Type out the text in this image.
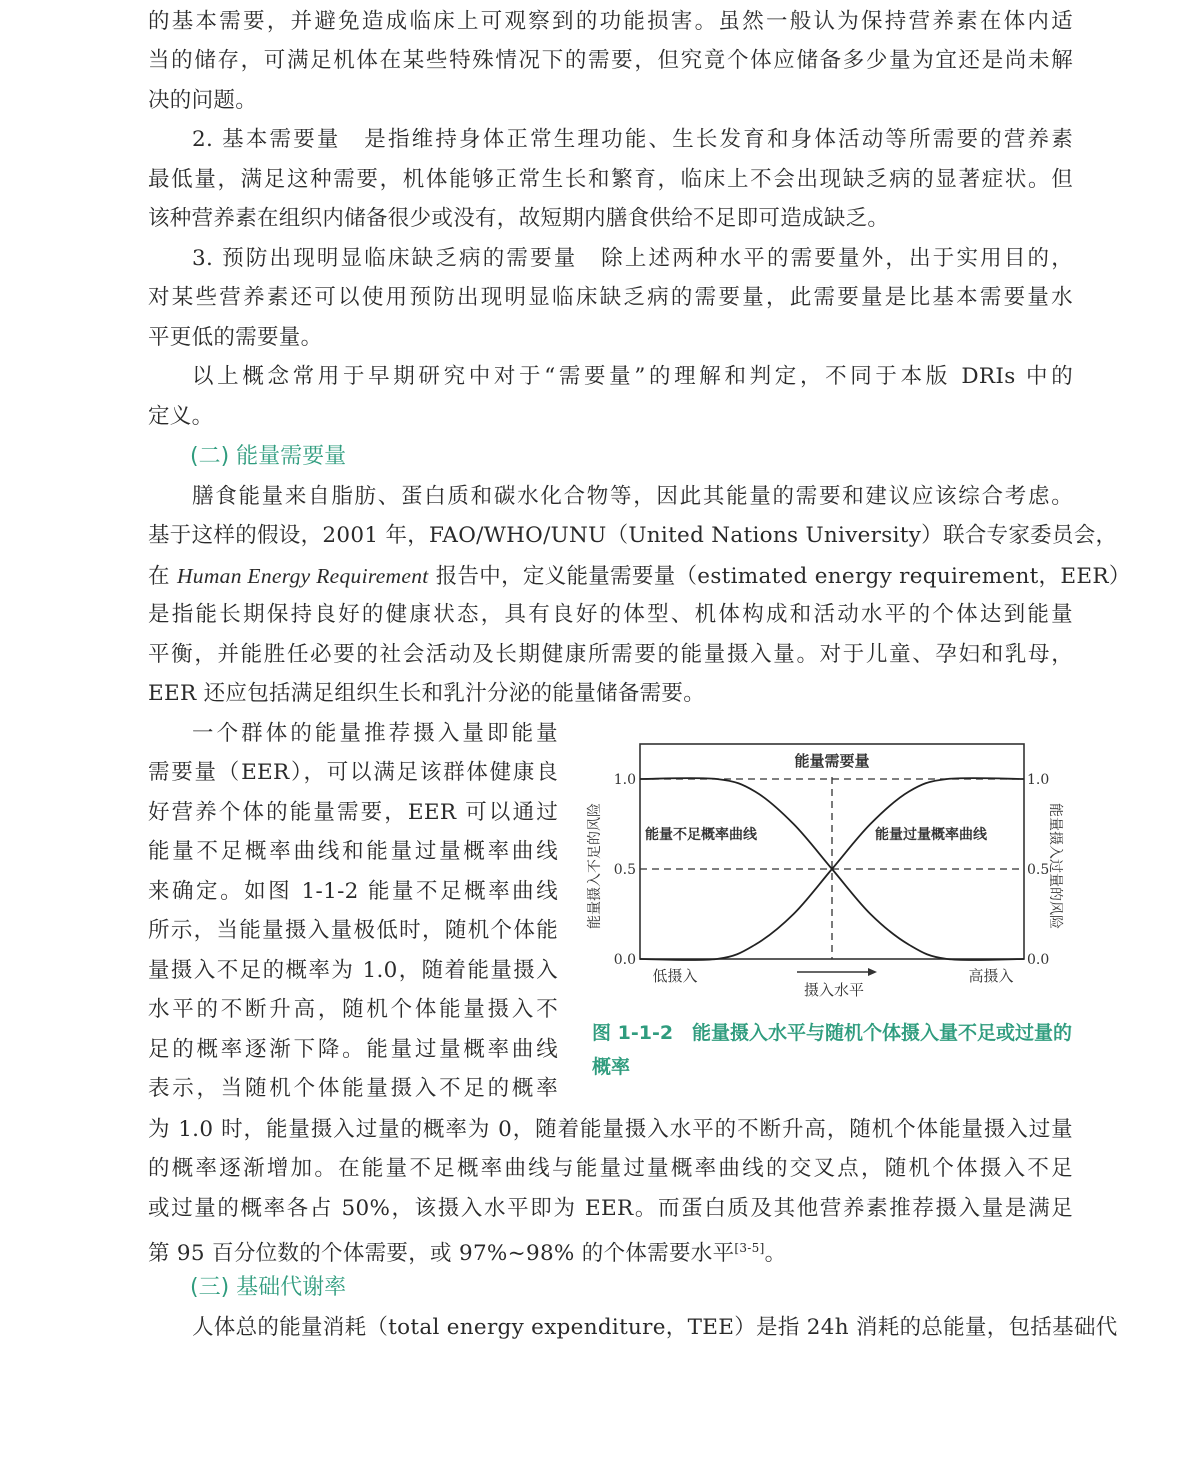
的基本需要，并避免造成临床上可观察到的功能损害。虽然一般认为保持营养素在体内适
当的储存，可满足机体在某些特殊情况下的需要，但究竟个体应储备多少量为宜还是尚未解
决的问题。
2. 基本需要量　是指维持身体正常生理功能、生长发育和身体活动等所需要的营养素
最低量，满足这种需要，机体能够正常生长和繁育，临床上不会出现缺乏病的显著症状。但
该种营养素在组织内储备很少或没有，故短期内膳食供给不足即可造成缺乏。
3. 预防出现明显临床缺乏病的需要量　除上述两种水平的需要量外，出于实用目的，
对某些营养素还可以使用预防出现明显临床缺乏病的需要量，此需要量是比基本需要量水
平更低的需要量。
以上概念常用于早期研究中对于“需要量”的理解和判定，不同于本版 DRIs 中的
定义。
(二) 能量需要量
膳食能量来自脂肪、蛋白质和碳水化合物等，因此其能量的需要和建议应该综合考虑。
基于这样的假设，2001 年，FAO/WHO/UNU（United Nations University）联合专家委员会，
在 Human Energy Requirement 报告中，定义能量需要量（estimated energy requirement，EER）
是指能长期保持良好的健康状态，具有良好的体型、机体构成和活动水平的个体达到能量
平衡，并能胜任必要的社会活动及长期健康所需要的能量摄入量。对于儿童、孕妇和乳母，
EER 还应包括满足组织生长和乳汁分泌的能量储备需要。
一个群体的能量推荐摄入量即能量
需要量（EER），可以满足该群体健康良
好营养个体的能量需要，EER 可以通过
能量不足概率曲线和能量过量概率曲线
来确定。如图 1-1-2 能量不足概率曲线
所示，当能量摄入量极低时，随机个体能
量摄入不足的概率为 1.0，随着能量摄入
水平的不断升高，随机个体能量摄入不
足的概率逐渐下降。能量过量概率曲线
表示，当随机个体能量摄入不足的概率
为 1.0 时，能量摄入过量的概率为 0，随着能量摄入水平的不断升高，随机个体能量摄入过量
的概率逐渐增加。在能量不足概率曲线与能量过量概率曲线的交叉点，随机个体摄入不足
或过量的概率各占 50%，该摄入水平即为 EER。而蛋白质及其他营养素推荐摄入量是满足
第 95 百分位数的个体需要，或 97%~98% 的个体需要水平[3-5]。
(三) 基础代谢率
人体总的能量消耗（total energy expenditure，TEE）是指 24h 消耗的总能量，包括基础代
能量需要量
0.0	0.0
0.5	0.5
1.0	1.0
低摄入	高摄入
摄入水平
能量摄入不足的风险	能量摄入过量的风险
能量不足概率曲线	能量过量概率曲线
图 1-1-2　能量摄入水平与随机个体摄入量不足或过量的概率
